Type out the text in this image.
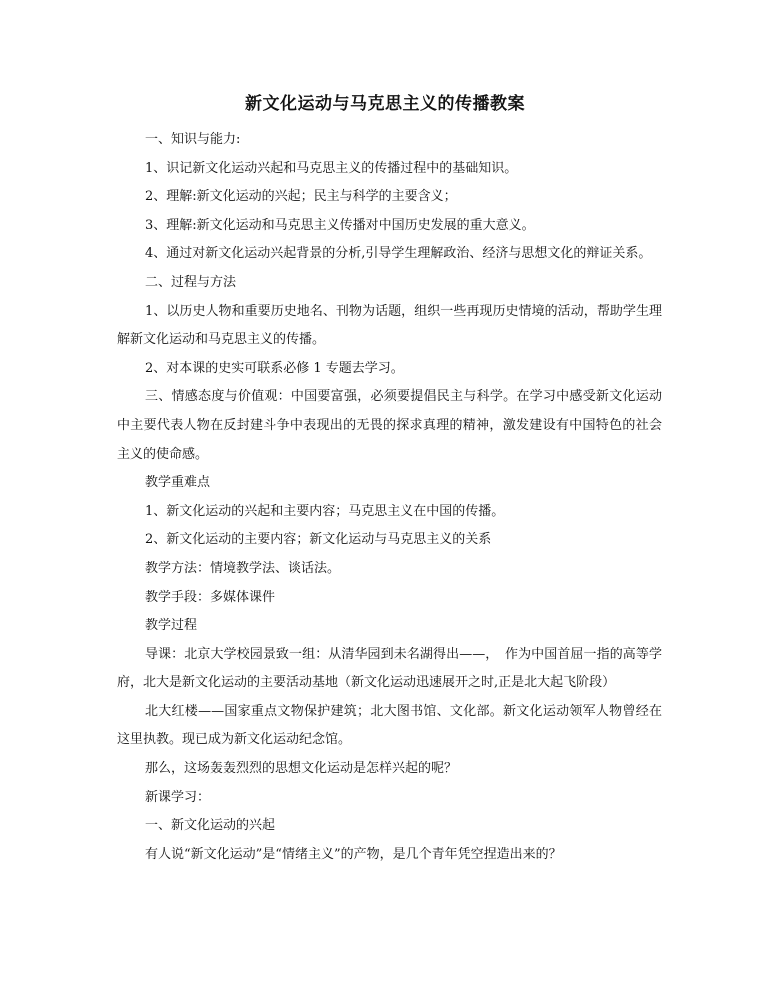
新文化运动与马克思主义的传播教案

一、知识与能力:

1、识记新文化运动兴起和马克思主义的传播过程中的基础知识。

2、理解:新文化运动的兴起；民主与科学的主要含义；

3、理解:新文化运动和马克思主义传播对中国历史发展的重大意义。

4、通过对新文化运动兴起背景的分析,引导学生理解政治、经济与思想文化的辩证关系。

二、过程与方法

1、以历史人物和重要历史地名、刊物为话题，组织一些再现历史情境的活动，帮助学生理解新文化运动和马克思主义的传播。

2、对本课的史实可联系必修 1 专题去学习。

三、情感态度与价值观：中国要富强，必须要提倡民主与科学。在学习中感受新文化运动中主要代表人物在反封建斗争中表现出的无畏的探求真理的精神，激发建设有中国特色的社会主义的使命感。

教学重难点

1、新文化运动的兴起和主要内容；马克思主义在中国的传播。

2、新文化运动的主要内容；新文化运动与马克思主义的关系

教学方法：情境教学法、谈话法。

教学手段：多媒体课件

教学过程

导课：北京大学校园景致一组：从清华园到未名湖得出——，　作为中国首屈一指的高等学府，北大是新文化运动的主要活动基地（新文化运动迅速展开之时,正是北大起飞阶段）

北大红楼——国家重点文物保护建筑；北大图书馆、文化部。新文化运动领军人物曾经在这里执教。现已成为新文化运动纪念馆。

那么，这场轰轰烈烈的思想文化运动是怎样兴起的呢？

新课学习：

一、新文化运动的兴起

有人说“新文化运动”是“情绪主义”的产物，是几个青年凭空捏造出来的？
